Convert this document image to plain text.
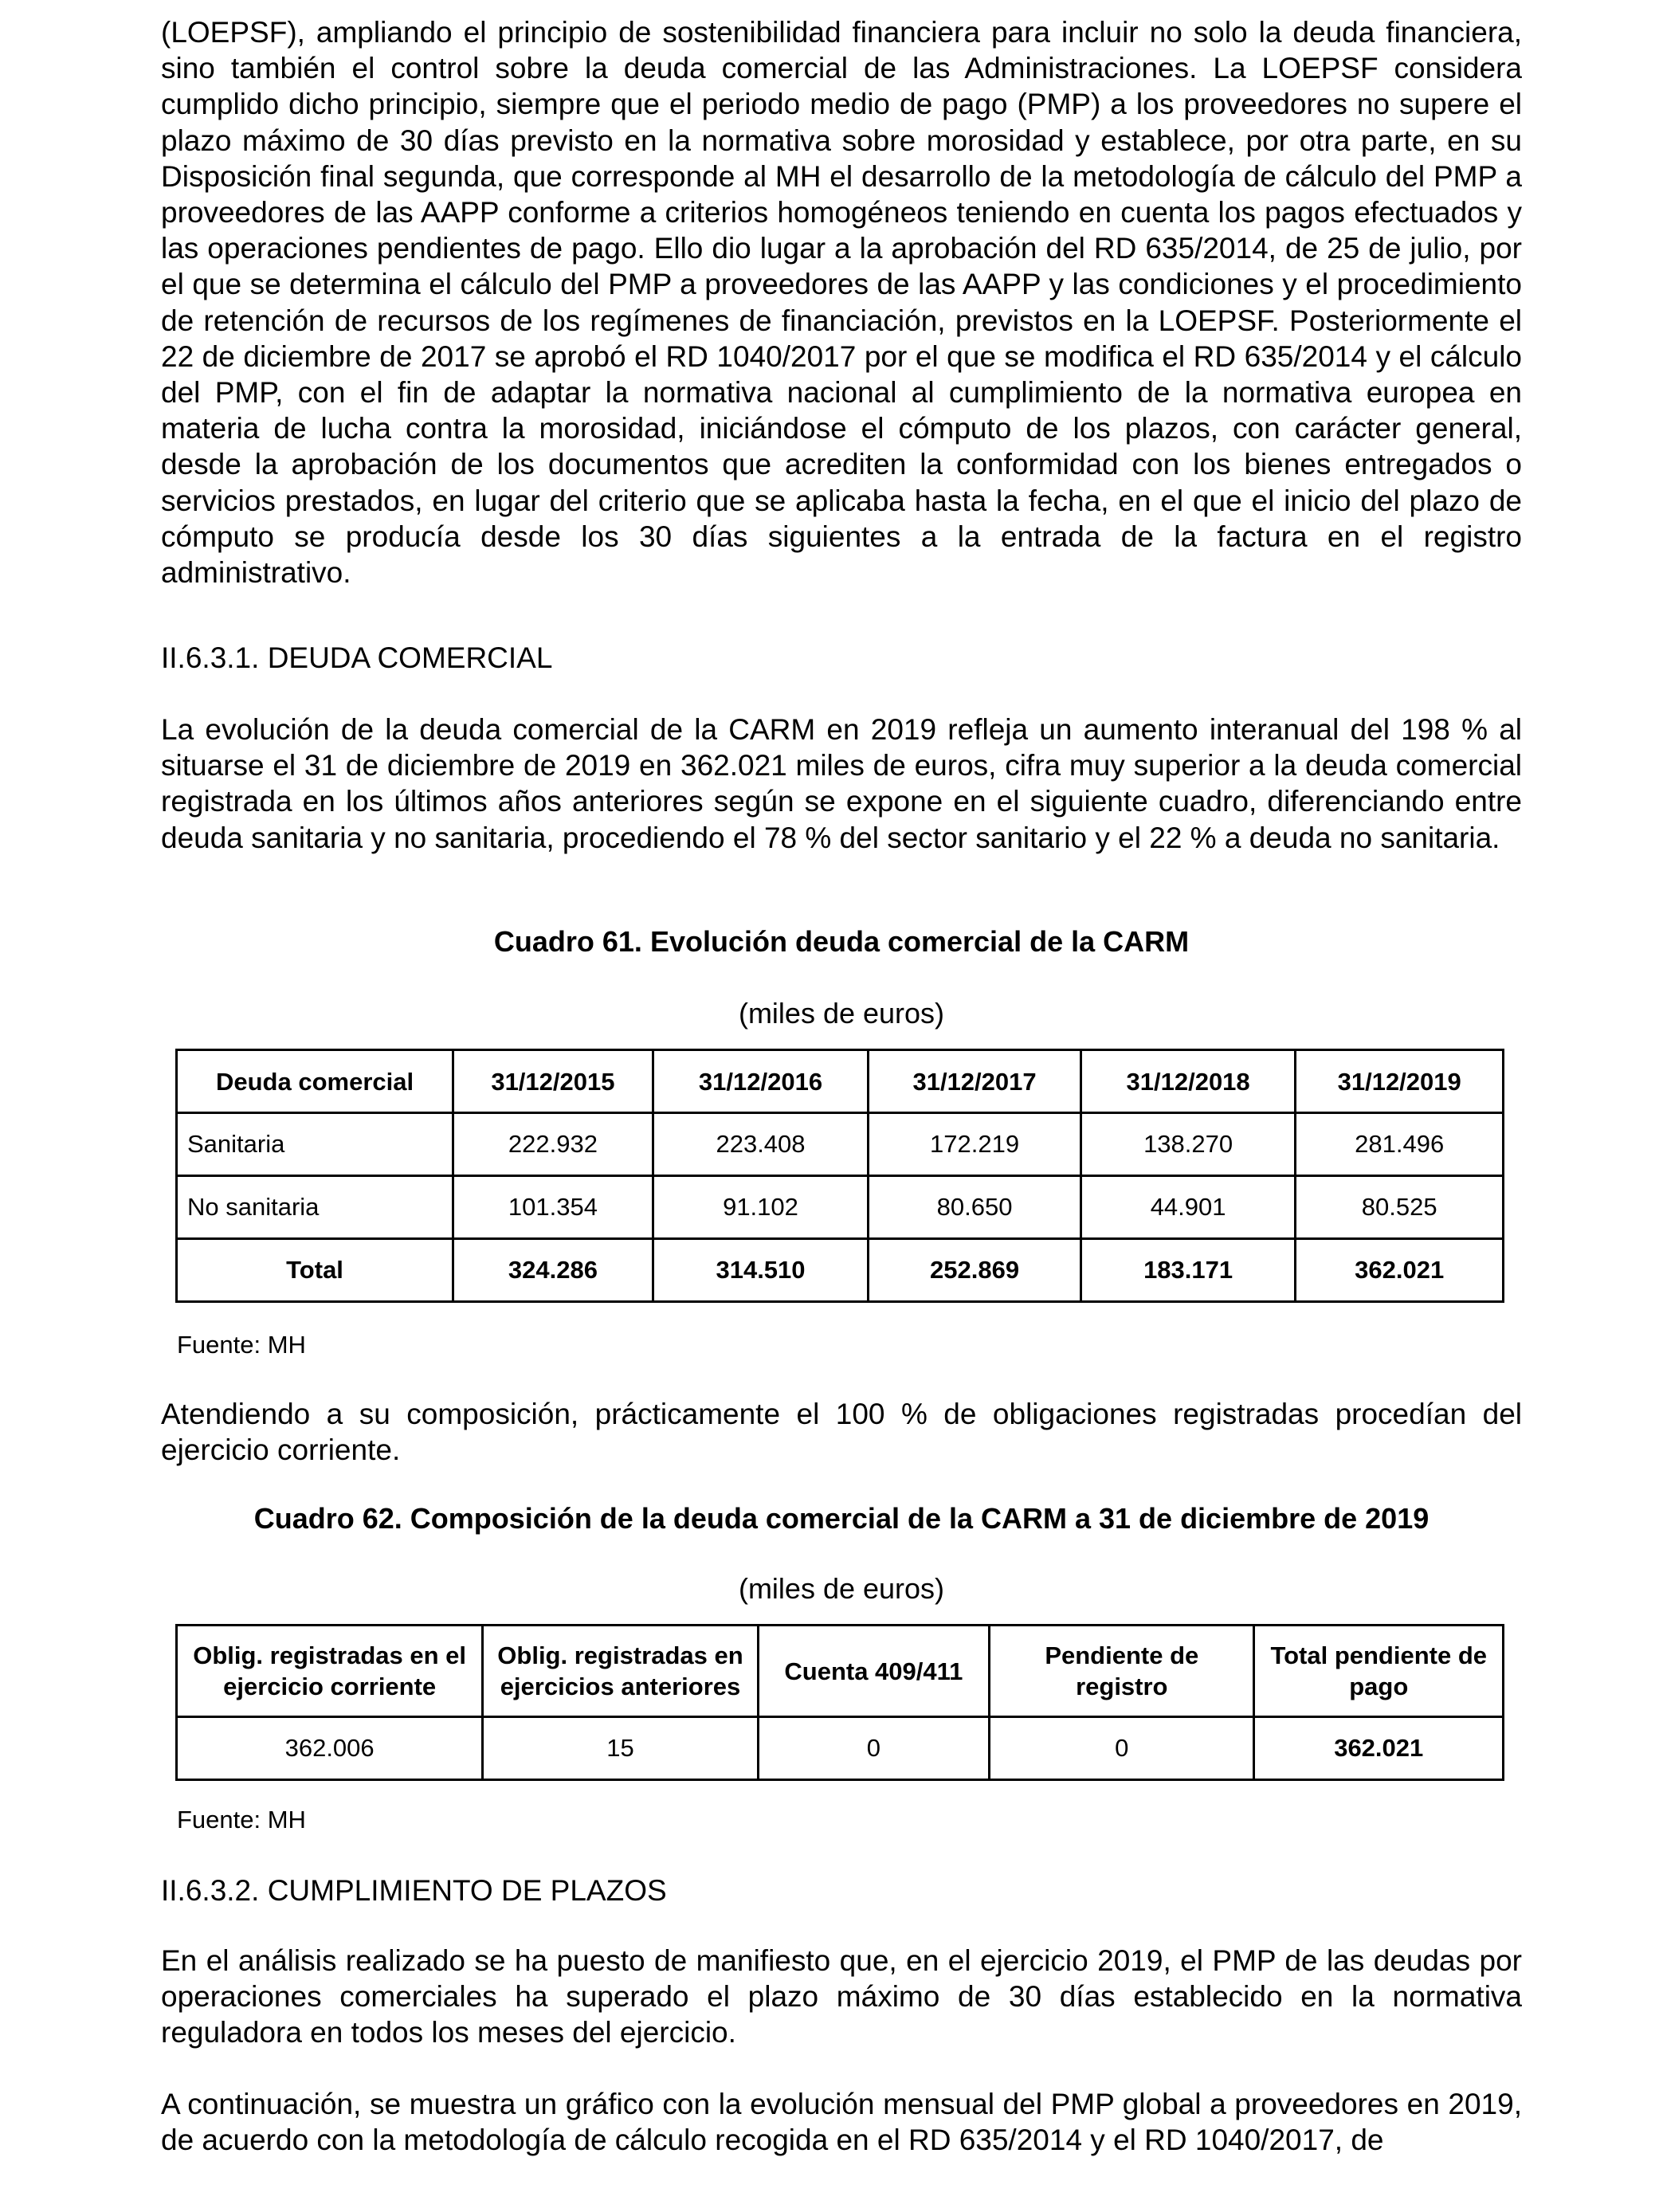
(LOEPSF), ampliando el principio de sostenibilidad financiera para incluir no solo la deuda financiera, sino también el control sobre la deuda comercial de las Administraciones. La LOEPSF considera cumplido dicho principio, siempre que el periodo medio de pago (PMP) a los proveedores no supere el plazo máximo de 30 días previsto en la normativa sobre morosidad y establece, por otra parte, en su Disposición final segunda, que corresponde al MH el desarrollo de la metodología de cálculo del PMP a proveedores de las AAPP conforme a criterios homogéneos teniendo en cuenta los pagos efectuados y las operaciones pendientes de pago. Ello dio lugar a la aprobación del RD 635/2014, de 25 de julio, por el que se determina el cálculo del PMP a proveedores de las AAPP y las condiciones y el procedimiento de retención de recursos de los regímenes de financiación, previstos en la LOEPSF. Posteriormente el 22 de diciembre de 2017 se aprobó el RD 1040/2017 por el que se modifica el RD 635/2014 y el cálculo del PMP, con el fin de adaptar la normativa nacional al cumplimiento de la normativa europea en materia de lucha contra la morosidad, iniciándose el cómputo de los plazos, con carácter general, desde la aprobación de los documentos que acrediten la conformidad con los bienes entregados o servicios prestados, en lugar del criterio que se aplicaba hasta la fecha, en el que el inicio del plazo de cómputo se producía desde los 30 días siguientes a la entrada de la factura en el registro administrativo.

II.6.3.1. DEUDA COMERCIAL

La evolución de la deuda comercial de la CARM en 2019 refleja un aumento interanual del 198 % al situarse el 31 de diciembre de 2019 en 362.021 miles de euros, cifra muy superior a la deuda comercial registrada en los últimos años anteriores según se expone en el siguiente cuadro, diferenciando entre deuda sanitaria y no sanitaria, procediendo el 78 % del sector sanitario y el 22 % a deuda no sanitaria.

Cuadro 61. Evolución deuda comercial de la CARM

(miles de euros)

Deuda comercial	31/12/2015	31/12/2016	31/12/2017	31/12/2018	31/12/2019
Sanitaria	222.932	223.408	172.219	138.270	281.496
No sanitaria	101.354	91.102	80.650	44.901	80.525
Total	324.286	314.510	252.869	183.171	362.021

Fuente: MH

Atendiendo a su composición, prácticamente el 100 % de obligaciones registradas procedían del ejercicio corriente.

Cuadro 62. Composición de la deuda comercial de la CARM a 31 de diciembre de 2019

(miles de euros)

Oblig. registradas en el ejercicio corriente	Oblig. registradas en ejercicios anteriores	Cuenta 409/411	Pendiente de registro	Total pendiente de pago
362.006	15	0	0	362.021

Fuente: MH

II.6.3.2. CUMPLIMIENTO DE PLAZOS

En el análisis realizado se ha puesto de manifiesto que, en el ejercicio 2019, el PMP de las deudas por operaciones comerciales ha superado el plazo máximo de 30 días establecido en la normativa reguladora en todos los meses del ejercicio.

A continuación, se muestra un gráfico con la evolución mensual del PMP global a proveedores en 2019, de acuerdo con la metodología de cálculo recogida en el RD 635/2014 y el RD 1040/2017, de
